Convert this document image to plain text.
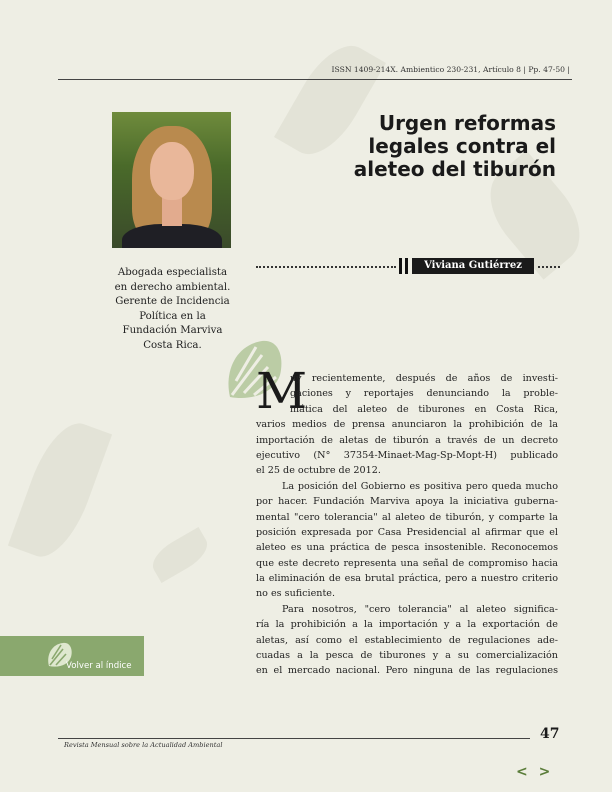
ISSN 1409-214X. Ambientico 230-231, Artículo 8 | Pp. 47-50 |
Urgen reformas
legales contra el
aleteo del tiburón
Viviana Gutiérrez
Abogada especialista
en derecho ambiental.
Gerente de Incidencia
Política en la
Fundación Marviva
Costa Rica.
M
uy recientemente, después de años de investi-
gaciones y reportajes denunciando la proble-
mática del aleteo de tiburones en Costa Rica,
varios medios de prensa anunciaron la prohibición de la
importación de aletas de tiburón a través de un decreto
ejecutivo (N° 37354-Minaet-Mag-Sp-Mopt-H) publicado
el 25 de octubre de 2012.
La posición del Gobierno es positiva pero queda mucho
por hacer. Fundación Marviva apoya la iniciativa guberna-
mental "cero tolerancia" al aleteo de tiburón, y comparte la
posición expresada por Casa Presidencial al afirmar que el
aleteo es una práctica de pesca insostenible. Reconocemos
que este decreto representa una señal de compromiso hacia
la eliminación de esa brutal práctica, pero a nuestro criterio
no es suficiente.
Para nosotros, "cero tolerancia" al aleteo significa-
ría la prohibición a la importación y a la exportación de
aletas, así como el establecimiento de regulaciones ade-
cuadas a la pesca de tiburones y a su comercialización
en el mercado nacional. Pero ninguna de las regulaciones
Volver al índice
47
Revista Mensual sobre la Actualidad Ambiental
< >
